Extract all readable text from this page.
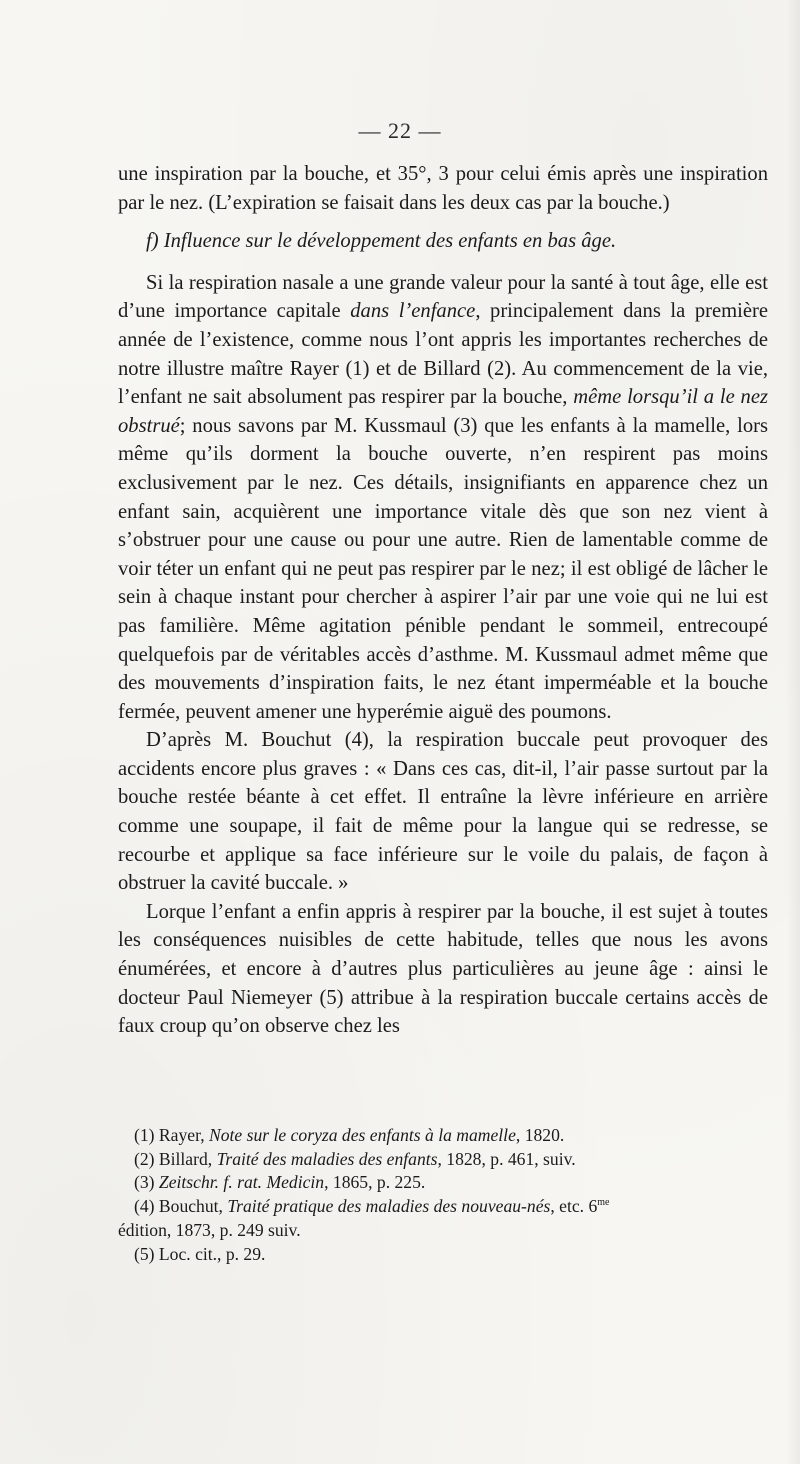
— 22 —

une inspiration par la bouche, et 35°, 3 pour celui émis après une inspiration par le nez. (L’expiration se faisait dans les deux cas par la bouche.)

f) Influence sur le développement des enfants en bas âge.

Si la respiration nasale a une grande valeur pour la santé à tout âge, elle est d’une importance capitale dans l’enfance, principalement dans la première année de l’existence, comme nous l’ont appris les importantes recherches de notre illustre maître Rayer (1) et de Billard (2). Au commencement de la vie, l’enfant ne sait absolument pas respirer par la bouche, même lorsqu’il a le nez obstrué; nous savons par M. Kussmaul (3) que les enfants à la mamelle, lors même qu’ils dorment la bouche ouverte, n’en respirent pas moins exclusivement par le nez. Ces détails, insignifiants en apparence chez un enfant sain, acquièrent une importance vitale dès que son nez vient à s’obstruer pour une cause ou pour une autre. Rien de lamentable comme de voir téter un enfant qui ne peut pas respirer par le nez; il est obligé de lâcher le sein à chaque instant pour chercher à aspirer l’air par une voie qui ne lui est pas familière. Même agitation pénible pendant le sommeil, entrecoupé quelquefois par de véritables accès d’asthme. M. Kussmaul admet même que des mouvements d’inspiration faits, le nez étant imperméable et la bouche fermée, peuvent amener une hyperémie aiguë des poumons.

D’après M. Bouchut (4), la respiration buccale peut provoquer des accidents encore plus graves : « Dans ces cas, dit-il, l’air passe surtout par la bouche restée béante à cet effet. Il entraîne la lèvre inférieure en arrière comme une soupape, il fait de même pour la langue qui se redresse, se recourbe et applique sa face inférieure sur le voile du palais, de façon à obstruer la cavité buccale. »

Lorque l’enfant a enfin appris à respirer par la bouche, il est sujet à toutes les conséquences nuisibles de cette habitude, telles que nous les avons énumérées, et encore à d’autres plus particulières au jeune âge : ainsi le docteur Paul Niemeyer (5) attribue à la respiration buccale certains accès de faux croup qu’on observe chez les

(1) Rayer, Note sur le coryza des enfants à la mamelle, 1820.

(2) Billard, Traité des maladies des enfants, 1828, p. 461, suiv.

(3) Zeitschr. f. rat. Medicin, 1865, p. 225.

(4) Bouchut, Traité pratique des maladies des nouveau-nés, etc. $6^{me}$

édition, 1873, p. 249 suiv.

(5) Loc. cit., p. 29.
